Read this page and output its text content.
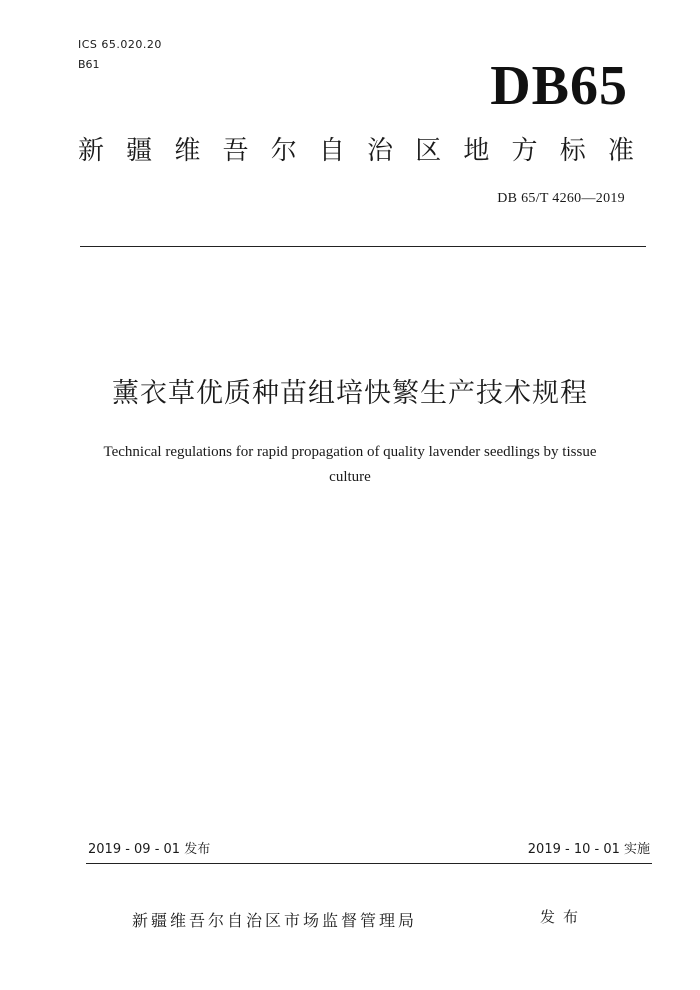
ICS 65.020.20
B61	DB65
新 疆 维 吾 尔 自 治 区 地 方 标 准
DB 65/T 4260—2019
薰衣草优质种苗组培快繁生产技术规程
Technical regulations for rapid propagation of quality lavender seedlings by tissue
culture
2019 - 09 - 01 发布	2019 - 10 - 01 实施
新疆维吾尔自治区市场监督管理局	发布
